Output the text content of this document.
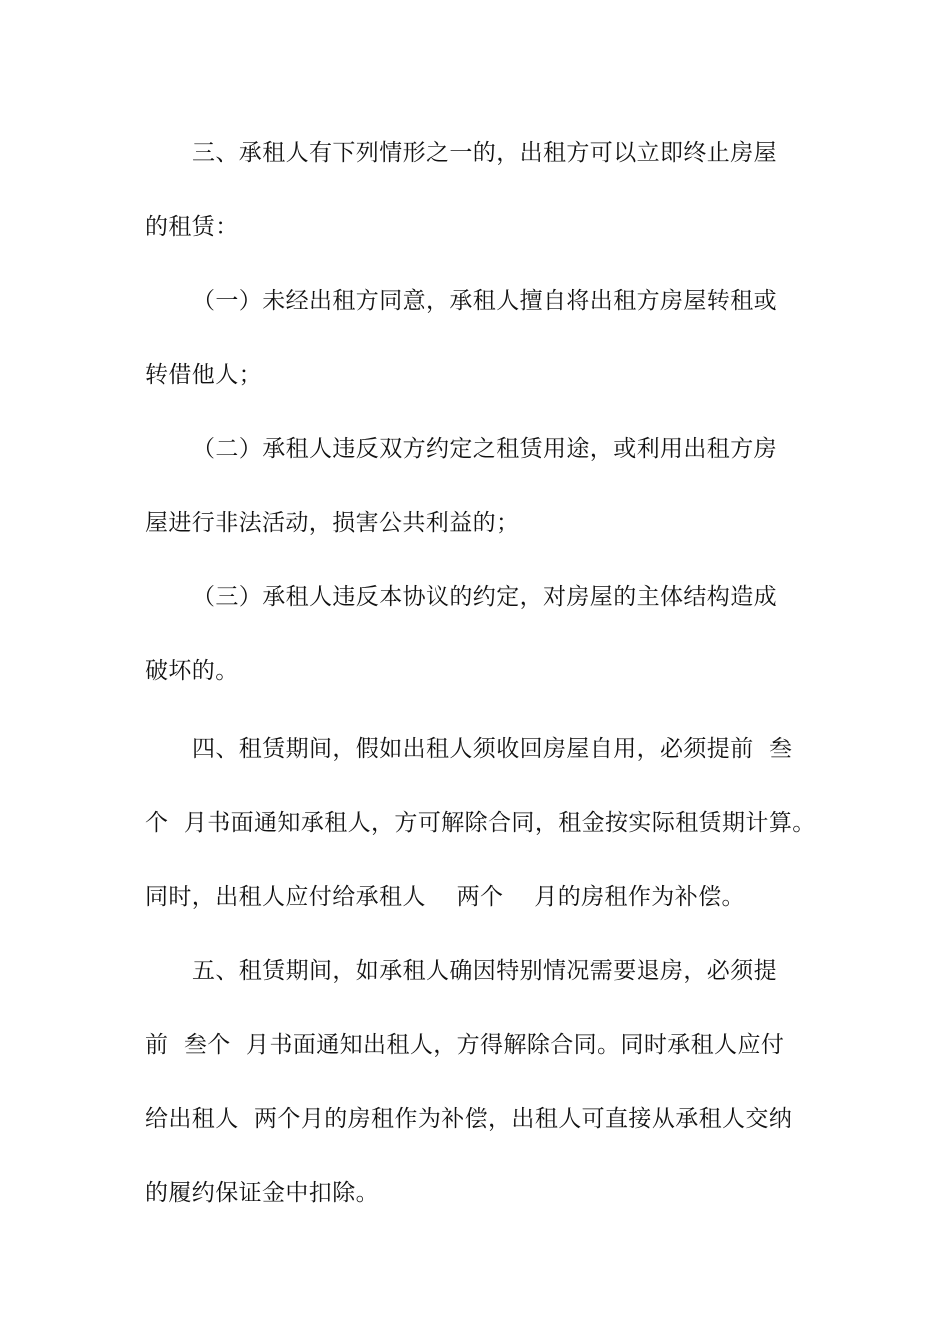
三、承租人有下列情形之一的，出租方可以立即终止房屋
的租赁：
（一）未经出租方同意，承租人擅自将出租方房屋转租或
转借他人；
（二）承租人违反双方约定之租赁用途，或利用出租方房
屋进行非法活动，损害公共利益的；
（三）承租人违反本协议的约定，对房屋的主体结构造成
破坏的。
四、租赁期间，假如出租人须收回房屋自用，必须提前  叁
个  月书面通知承租人，方可解除合同，租金按实际租赁期计算。
同时，出租人应付给承租人    两个    月的房租作为补偿。
五、租赁期间，如承租人确因特别情况需要退房，必须提
前  叁个  月书面通知出租人，方得解除合同。同时承租人应付
给出租人  两个月的房租作为补偿，出租人可直接从承租人交纳
的履约保证金中扣除。
